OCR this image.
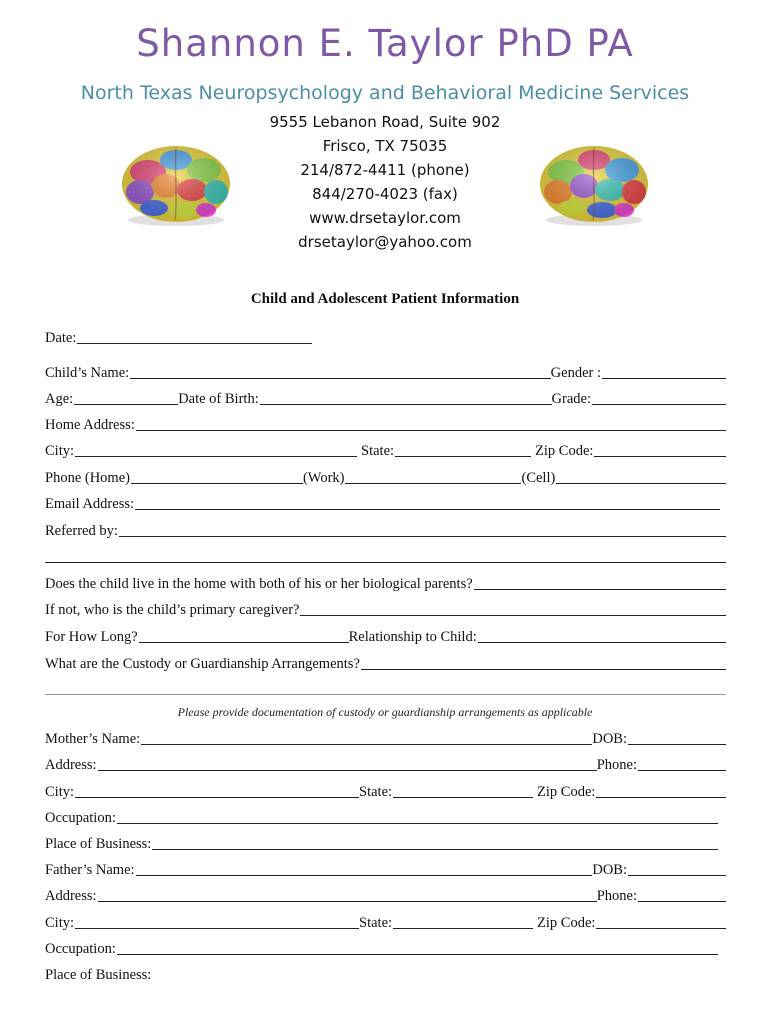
Shannon E. Taylor PhD PA
North Texas Neuropsychology and Behavioral Medicine Services
9555 Lebanon Road, Suite 902
Frisco, TX 75035
214/872-4411 (phone)
844/270-4023 (fax)
www.drsetaylor.com
drsetaylor@yahoo.com
Child and Adolescent Patient Information
Date:
Child’s Name:	Gender :
Age:	Date of Birth:	Grade:
Home Address:
City:	State:	Zip Code:
Phone (Home)	(Work)	(Cell)
Email Address:
Referred by:
Does the child live in the home with both of his or her biological parents?
If not, who is the child’s primary caregiver?
For How Long?	Relationship to Child:
What are the Custody or Guardianship Arrangements?
Please provide documentation of custody or guardianship arrangements as applicable
Mother’s Name:	DOB:
Address:	Phone:
City:	State:	Zip Code:
Occupation:
Place of Business:
Father’s Name:	DOB:
Address:	Phone:
City:	State:	Zip Code:
Occupation:
Place of Business:
